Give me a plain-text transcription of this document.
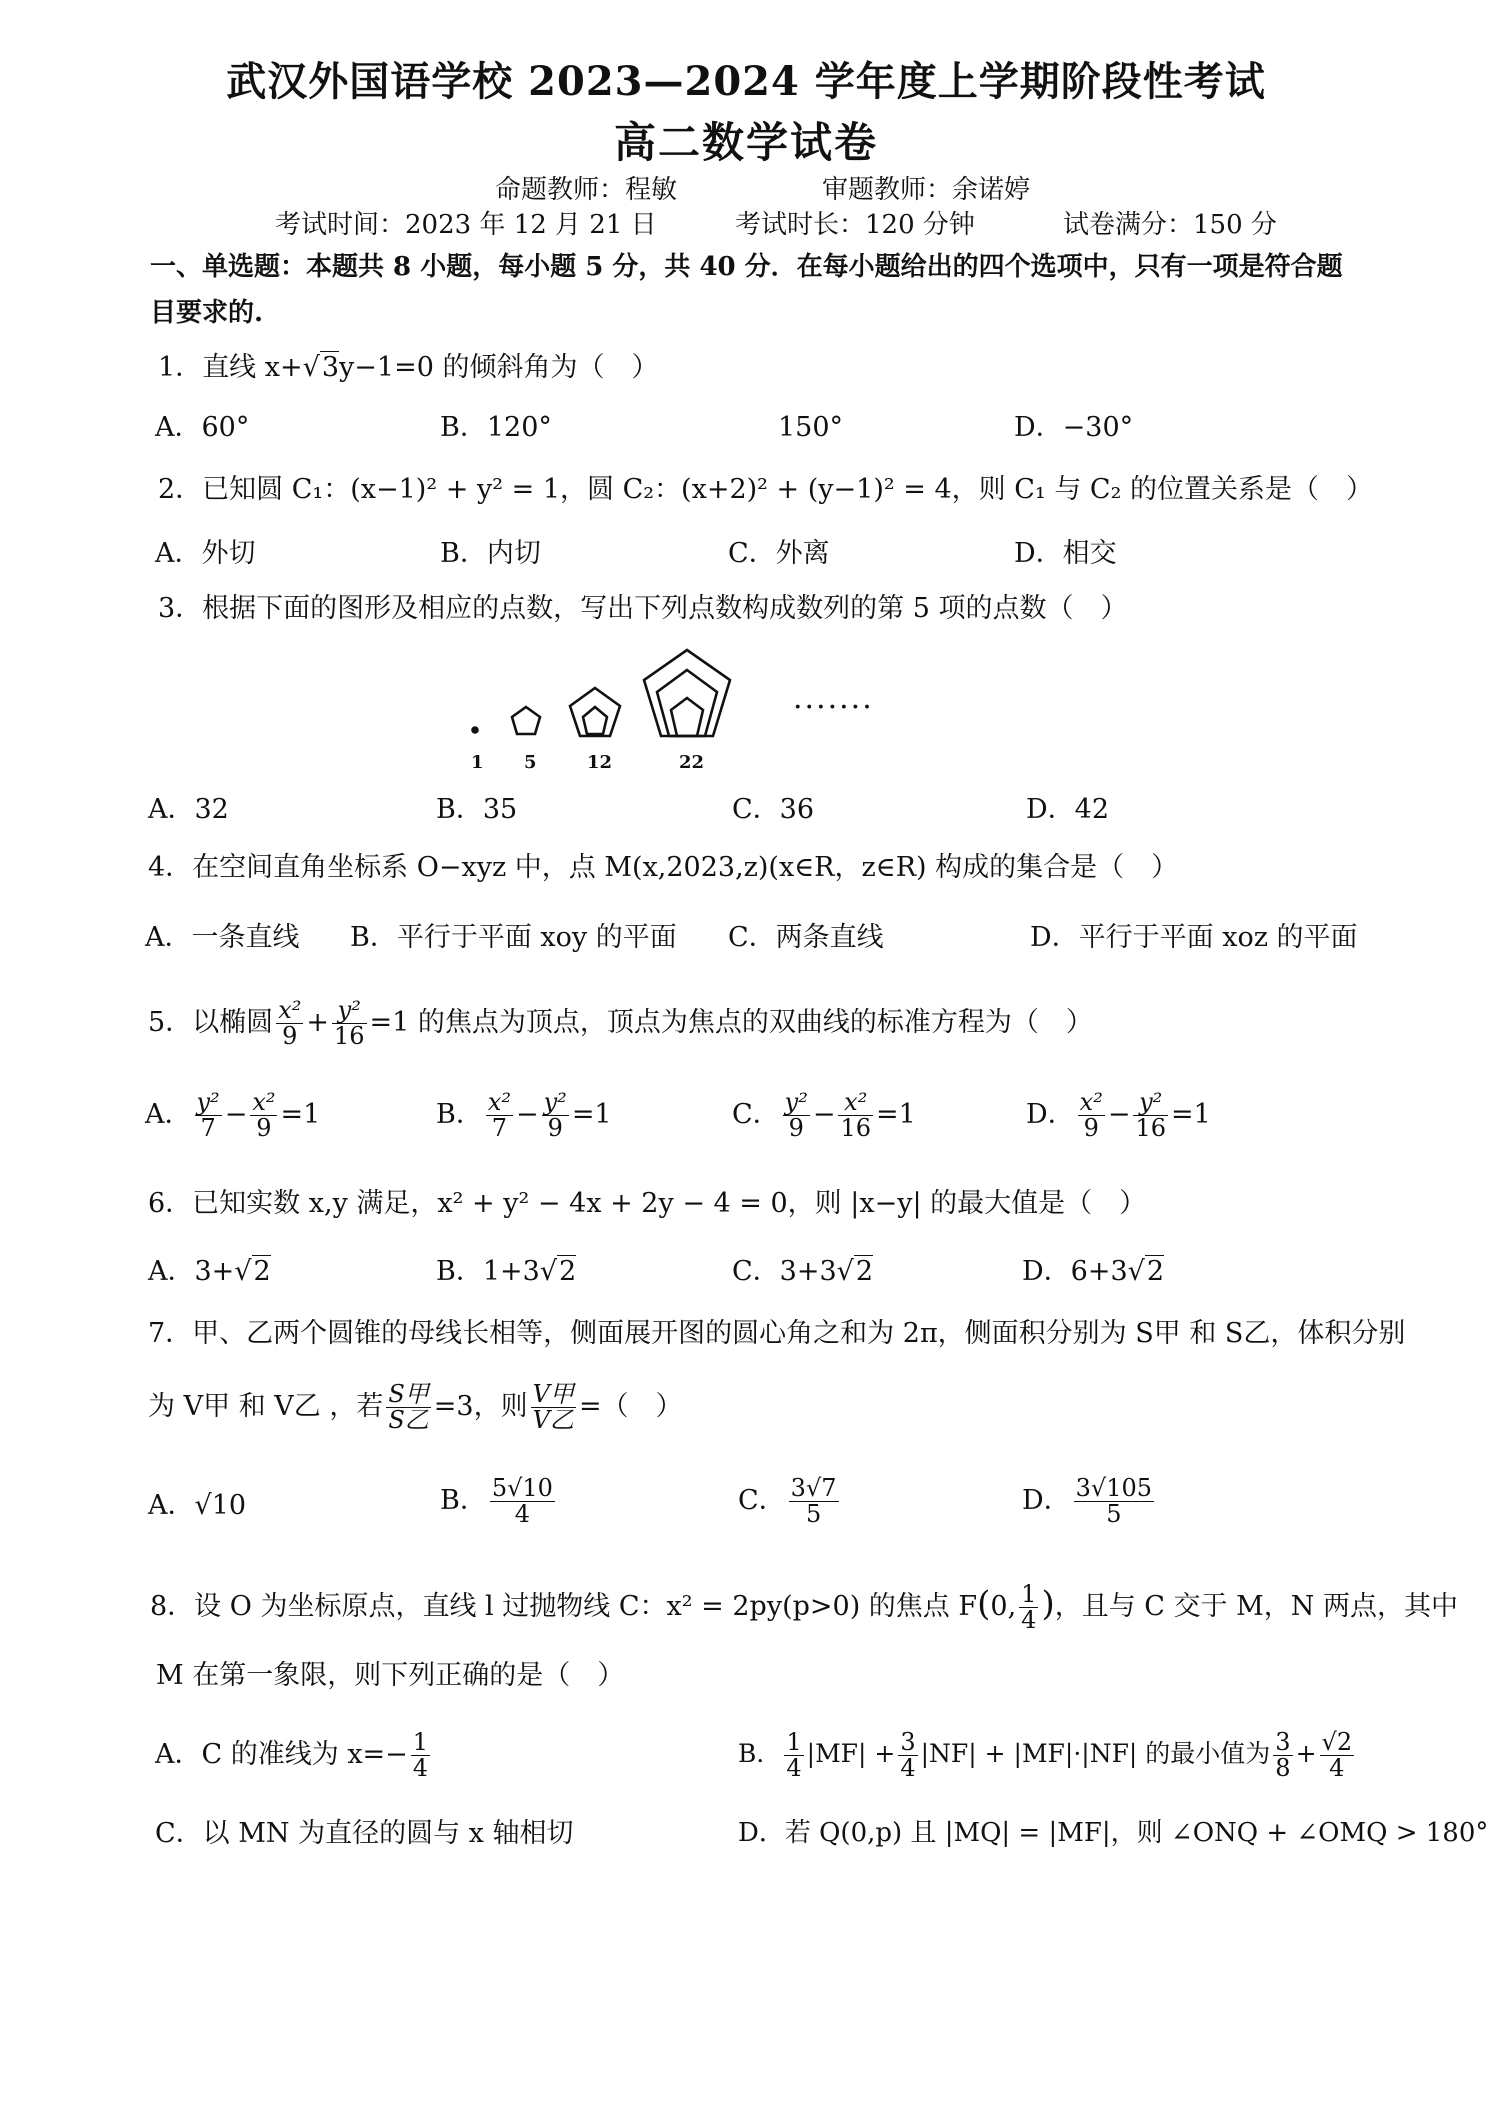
武汉外国语学校 2023—2024 学年度上学期阶段性考试
高二数学试卷
命题教师：程敏	审题教师：余诺婷
考试时间：2023 年 12 月 21 日	考试时长：120 分钟	试卷满分：150 分
一、单选题：本题共 8 小题，每小题 5 分，共 40 分．在每小题给出的四个选项中，只有一项是符合题
目要求的.
1．直线 x+√3y−1=0 的倾斜角为（　）
A．60°	B．120°	150°	D．−30°
2．已知圆 C₁：(x−1)² + y² = 1，圆 C₂：(x+2)² + (y−1)² = 4，则 C₁ 与 C₂ 的位置关系是（　）
A．外切	B．内切	C．外离	D．相交
3．根据下面的图形及相应的点数，写出下列点数构成数列的第 5 项的点数（　）
1 5	12	22
·······
A．32	B．35	C．36	D．42
4．在空间直角坐标系 O−xyz 中，点 M(x,2023,z)(x∈R，z∈R) 构成的集合是（　）
A．一条直线 B．平行于平面 xoy 的平面 C．两条直线	D．平行于平面 xoz 的平面
5．以椭圆 $\frac{\text{x²}}{9} + \frac{\text{y²}}{16} =1$ 的焦点为顶点，顶点为焦点的双曲线的标准方程为（　）
A． $\frac{\text{y²}}{7} - \frac{\text{x²}}{9} =1$	B． $\frac{\text{x²}}{7} - \frac{\text{y²}}{9} =1$	C． $\frac{\text{y²}}{9} - \frac{\text{x²}}{16} =1$	D． $\frac{\text{x²}}{9} - \frac{\text{y²}}{16} =1$
6．已知实数 x,y 满足，x² + y² − 4x + 2y − 4 = 0，则 |x−y| 的最大值是（　）
A．3+√2	B．1+3√2	C．3+3√2	D．6+3√2
7．甲、乙两个圆锥的母线长相等，侧面展开图的圆心角之和为 2π，侧面积分别为 S甲 和 S乙，体积分别
为 V甲 和 V乙 ，若 $\frac{\text{S甲}}{\text{S乙}} =3$，则 $\frac{\text{V甲}}{\text{V乙}}$ =（　）
A．√10	B． $\frac{5√10}{4}$	C． $\frac{3√7}{5}$	D． $\frac{3√105}{5}$
8．设 O 为坐标原点，直线 l 过抛物线 C：x² = 2py(p>0) 的焦点 F(0, $\frac{1}{4}$ )，且与 C 交于 M，N 两点，其中
M 在第一象限，则下列正确的是（　）
A．C 的准线为 $x=- \frac{1}{4}$	B． $\frac{1}{4} |MF| + \frac{3}{4} |NF| + |MF|\cdot|NF|$ 的最小值为 $\frac{3}{8} + \frac{√2}{4}$
C．以 MN 为直径的圆与 x 轴相切	D．若 Q(0,p) 且 |MQ| = |MF|，则 ∠ONQ + ∠OMQ > 180°
